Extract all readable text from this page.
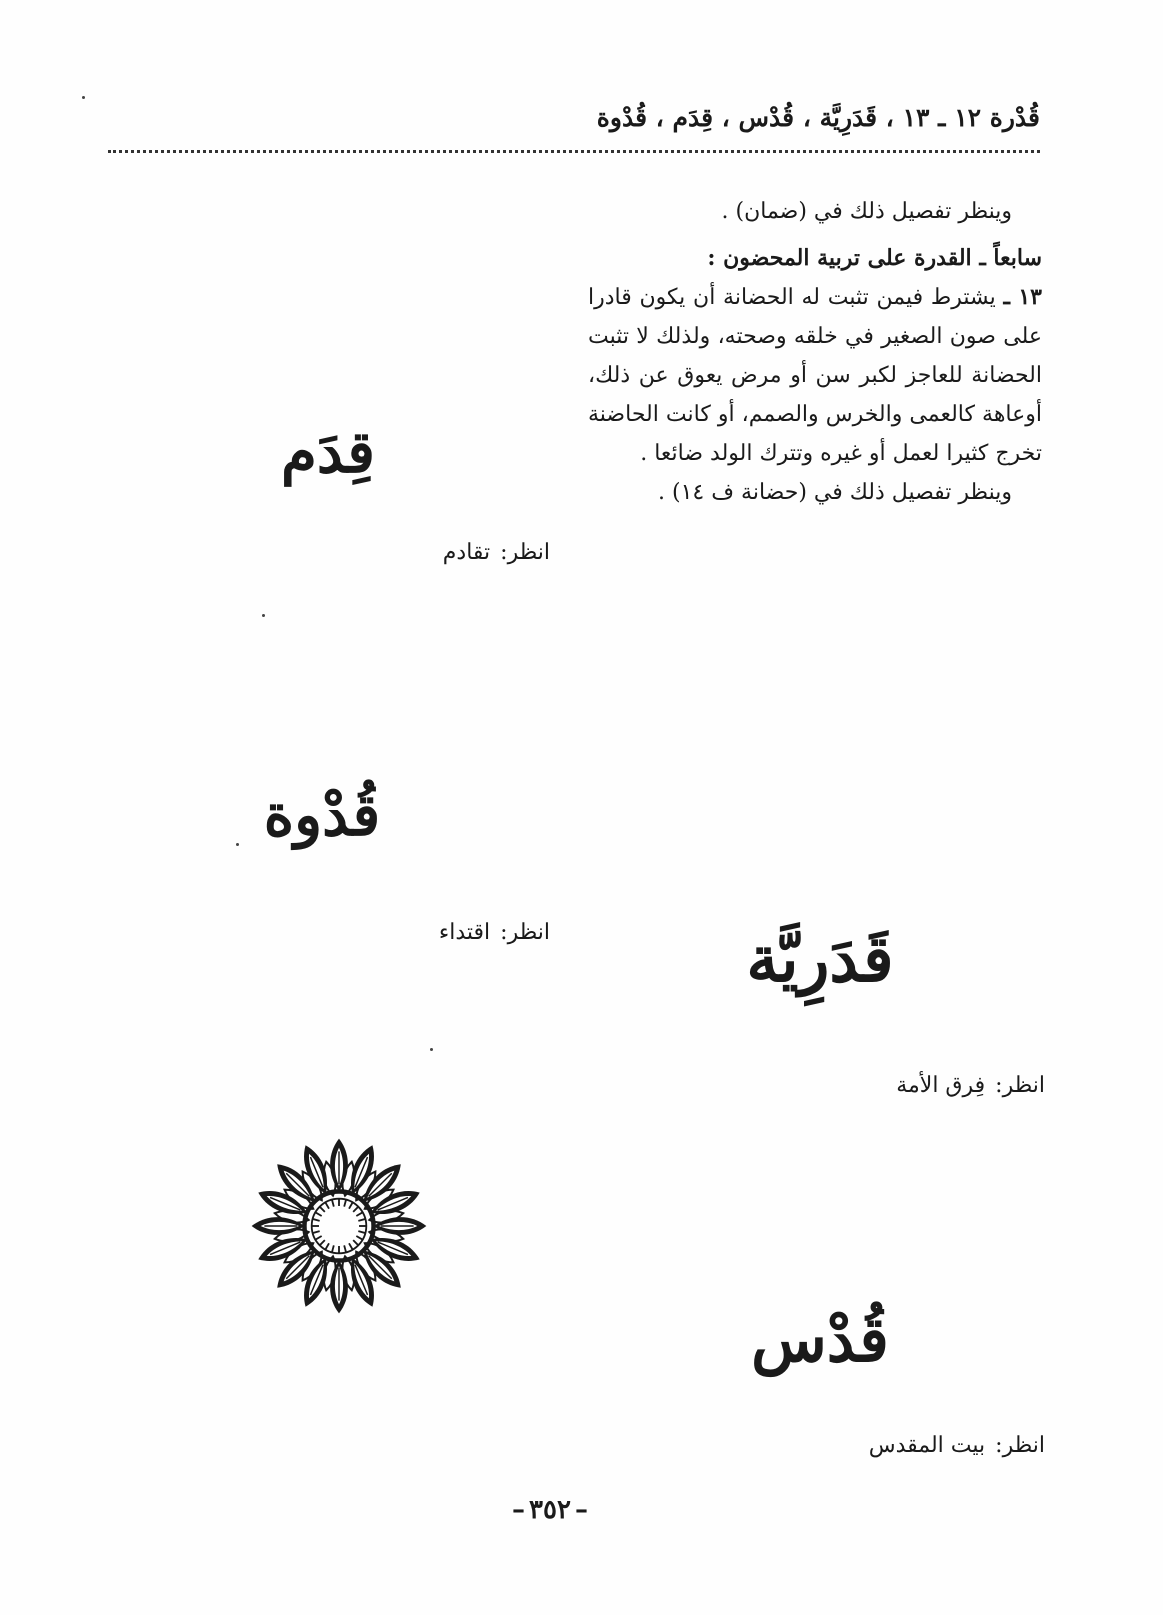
قُدْرة ١٢ ـ ١٣ ، قَدَرِيَّة ، قُدْس ، قِدَم ، قُدْوة

وينظر تفصيل ذلك في (ضمان) .

سابعاً ـ القدرة على تربية المحضون :

١٣ ـ يشترط فيمن تثبت له الحضانة أن يكون قادرا على صون الصغير في خلقه وصحته، ولذلك لا تثبت الحضانة للعاجز لكبر سن أو مرض يعوق عن ذلك، أوعاهة كالعمى والخرس والصمم، أو كانت الحاضنة تخرج كثيرا لعمل أو غيره وتترك الولد ضائعا .

وينظر تفصيل ذلك في (حضانة ف ١٤) .

قِدَم
انظر:تقادم
قُدْوة
انظر:اقتداء	قَدَرِيَّة
انظر:فِرق الأمة
قُدْس
انظر:بيت المقدس
– ٣٥٢ –
